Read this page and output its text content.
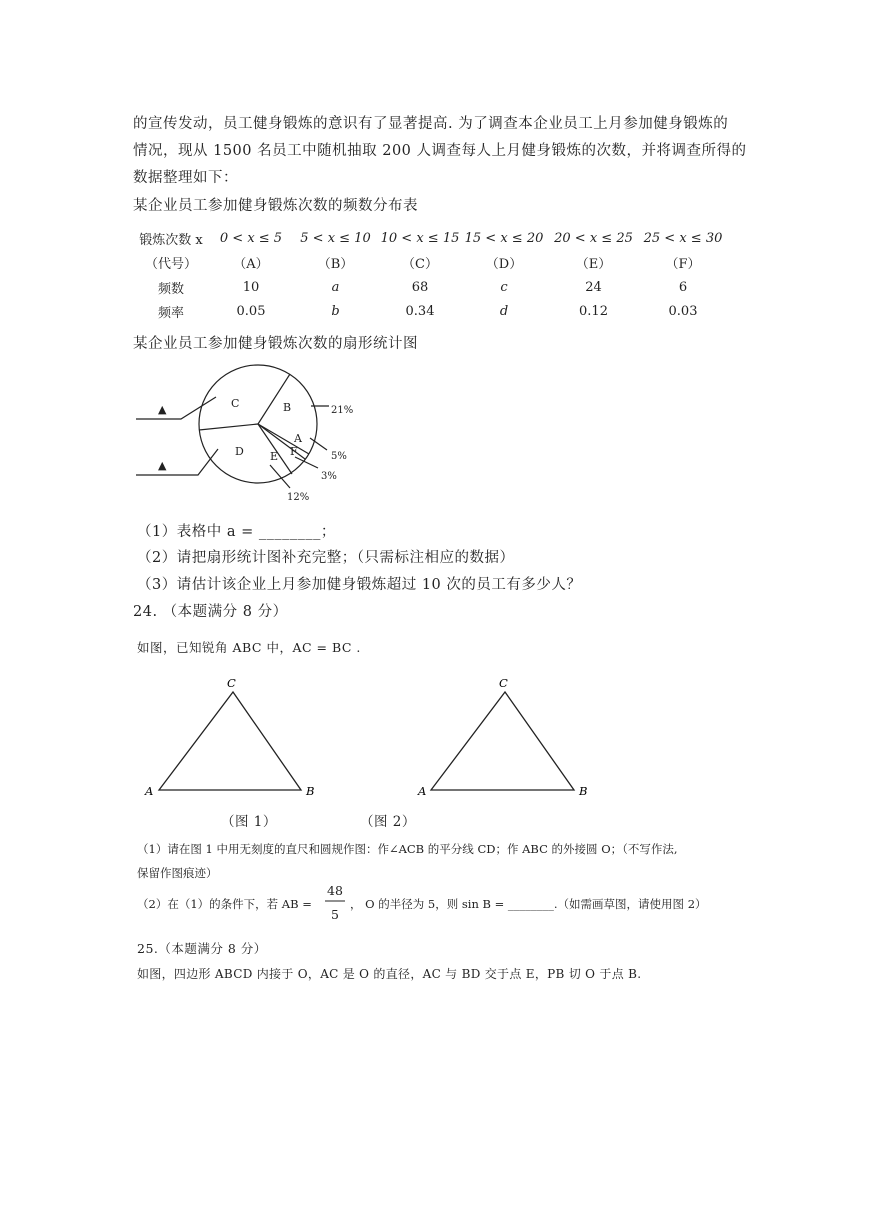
的宣传发动，员工健身锻炼的意识有了显著提高. 为了调查本企业员工上月参加健身锻炼的
情况，现从 1500 名员工中随机抽取 200 人调查每人上月健身锻炼的次数，并将调查所得的
数据整理如下：
某企业员工参加健身锻炼次数的频数分布表
锻炼次数 x	0 < x ≤ 5	5 < x ≤ 10	10 < x ≤ 15	15 < x ≤ 20	20 < x ≤ 25	25 < x ≤ 30
（代号）	（A）	（B）	（C）	（D）	（E）	（F）
频数	10	a	68	c	24	6
频率	0.05	b	0.34	d	0.12	0.03
某企业员工参加健身锻炼次数的扇形统计图
C	B
D E
A
F
21%
5%
3%
12%
▲
▲
A
C
B	A
C
B
48
5
（1）表格中 a = ________；
（2）请把扇形统计图补充完整；（只需标注相应的数据）
（3）请估计该企业上月参加健身锻炼超过 10 次的员工有多少人？
24. （本题满分 8 分）
如图，已知锐角 ABC 中，AC = BC .
（图 1）	（图 2）
（1）请在图 1 中用无刻度的直尺和圆规作图：作∠ACB 的平分线 CD；作 ABC 的外接圆 O；（不写作法,
保留作图痕迹）
（2）在（1）的条件下，若 AB =	， O 的半径为 5，则 sin B = ________.（如需画草图，请使用图 2）
25.（本题满分 8 分）
如图，四边形 ABCD 内接于 O，AC 是 O 的直径，AC 与 BD 交于点 E，PB 切 O 于点 B.
